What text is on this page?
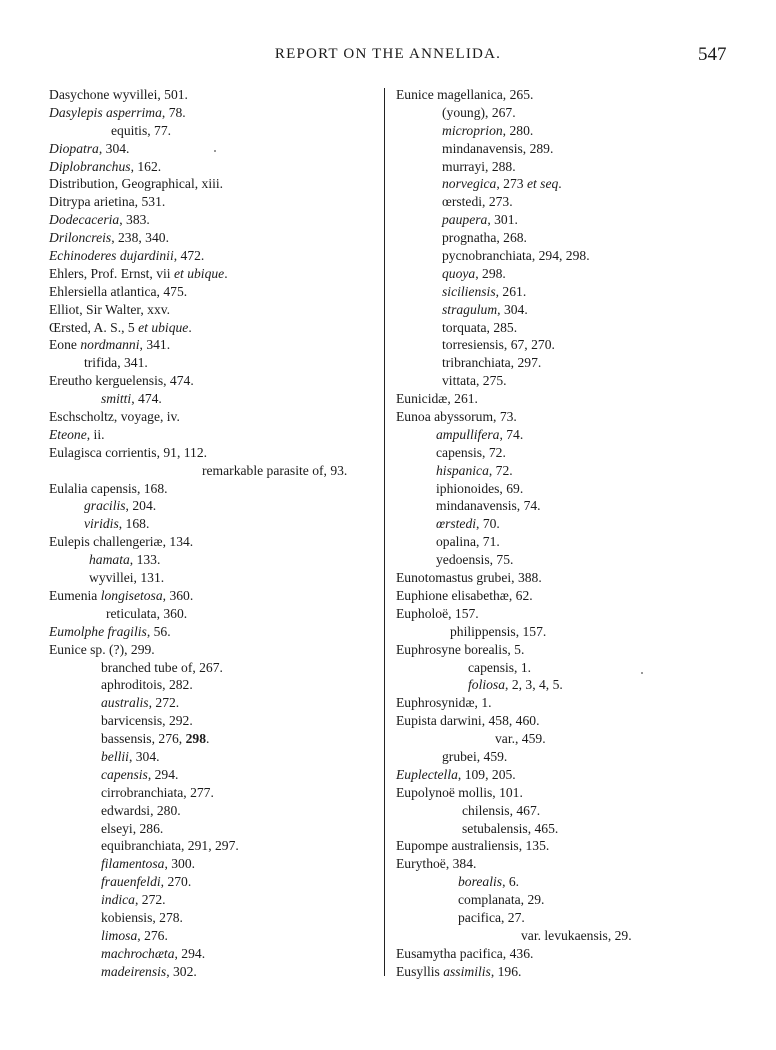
REPORT ON THE ANNELIDA.	547
Dasychone wyvillei, 501.
Dasylepis asperrima, 78.
equitis, 77.
Diopatra, 304.
Diplobranchus, 162.
Distribution, Geographical, xiii.
Ditrypa arietina, 531.
Dodecaceria, 383.
Driloncreis, 238, 340.
Echinoderes dujardinii, 472.
Ehlers, Prof. Ernst, vii et ubique.
Ehlersiella atlantica, 475.
Elliot, Sir Walter, xxv.
Œrsted, A. S., 5 et ubique.
Eone nordmanni, 341.
trifida, 341.
Ereutho kerguelensis, 474.
smitti, 474.
Eschscholtz, voyage, iv.
Eteone, ii.
Eulagisca corrientis, 91, 112.
remarkable parasite of, 93.
Eulalia capensis, 168.
gracilis, 204.
viridis, 168.
Eulepis challengeriæ, 134.
hamata, 133.
wyvillei, 131.
Eumenia longisetosa, 360.
reticulata, 360.
Eumolphe fragilis, 56.
Eunice sp. (?), 299.
branched tube of, 267.
aphroditois, 282.
australis, 272.
barvicensis, 292.
bassensis, 276, 298.
bellii, 304.
capensis, 294.
cirrobranchiata, 277.
edwardsi, 280.
elseyi, 286.
equibranchiata, 291, 297.
filamentosa, 300.
frauenfeldi, 270.
indica, 272.
kobiensis, 278.
limosa, 276.
machrochæta, 294.
madeirensis, 302.
Eunice magellanica, 265.
(young), 267.
microprion, 280.
mindanavensis, 289.
murrayi, 288.
norvegica, 273 et seq.
œrstedi, 273.
paupera, 301.
prognatha, 268.
pycnobranchiata, 294, 298.
quoya, 298.
siciliensis, 261.
stragulum, 304.
torquata, 285.
torresiensis, 67, 270.
tribranchiata, 297.
vittata, 275.
Eunicidæ, 261.
Eunoa abyssorum, 73.
ampullifera, 74.
capensis, 72.
hispanica, 72.
iphionoides, 69.
mindanavensis, 74.
œrstedi, 70.
opalina, 71.
yedoensis, 75.
Eunotomastus grubei, 388.
Euphione elisabethæ, 62.
Eupholoë, 157.
philippensis, 157.
Euphrosyne borealis, 5.
capensis, 1.
foliosa, 2, 3, 4, 5.
Euphrosynidæ, 1.
Eupista darwini, 458, 460.
var., 459.
grubei, 459.
Euplectella, 109, 205.
Eupolynoë mollis, 101.
chilensis, 467.
setubalensis, 465.
Eupompe australiensis, 135.
Eurythoë, 384.
borealis, 6.
complanata, 29.
pacifica, 27.
var. levukaensis, 29.
Eusamytha pacifica, 436.
Eusyllis assimilis, 196.
